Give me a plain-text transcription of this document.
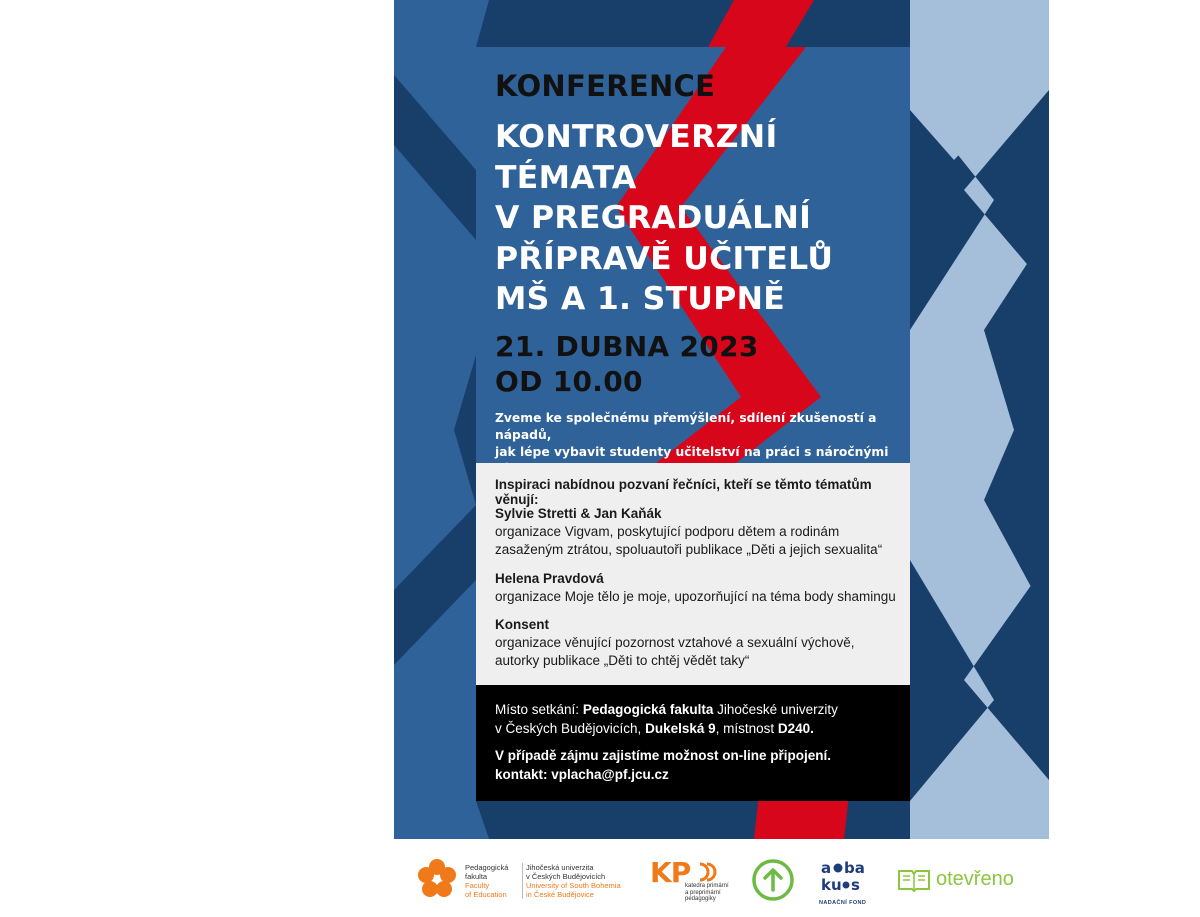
KONFERENCE
KONTROVERZNÍ
TÉMATA
V PREGRADUÁLNÍ
PŘÍPRAVĚ UČITELŮ
MŠ A 1. STUPNĚ
21. DUBNA 2023
OD 10.00
Zveme ke společnému přemýšlení, sdílení zkušeností a nápadů,
jak lépe vybavit studenty učitelství na práci s náročnými
Inspiraci nabídnou pozvaní řečníci, kteří se těmto tématům věnují:
Sylvie Stretti & Jan Kaňák
organizace Vigvam, poskytující podporu dětem a rodinám
zasaženým ztrátou, spoluautoři publikace „Děti a jejich sexualita“
Helena Pravdová
organizace Moje tělo je moje, upozorňující na téma body shamingu
Konsent
organizace věnující pozornost vztahové a sexuální výchově,
autorky publikace „Děti to chtěj vědět taky“
Místo setkání: Pedagogická fakulta Jihočeské univerzity
v Českých Budějovicích, Dukelská 9, místnost D240.
V případě zájmu zajistíme možnost on-line připojení.
kontakt: vplacha@pf.jcu.cz
Pedagogická
fakulta
Faculty
of Education
Jihočeská univerzita
v Českých Budějovicích
University of South Bohemia
in České Budějovice
KP
katedra primární
a preprimární
pedagogiky
a ba
ku s
NADAČNÍ FOND
otevřeno
